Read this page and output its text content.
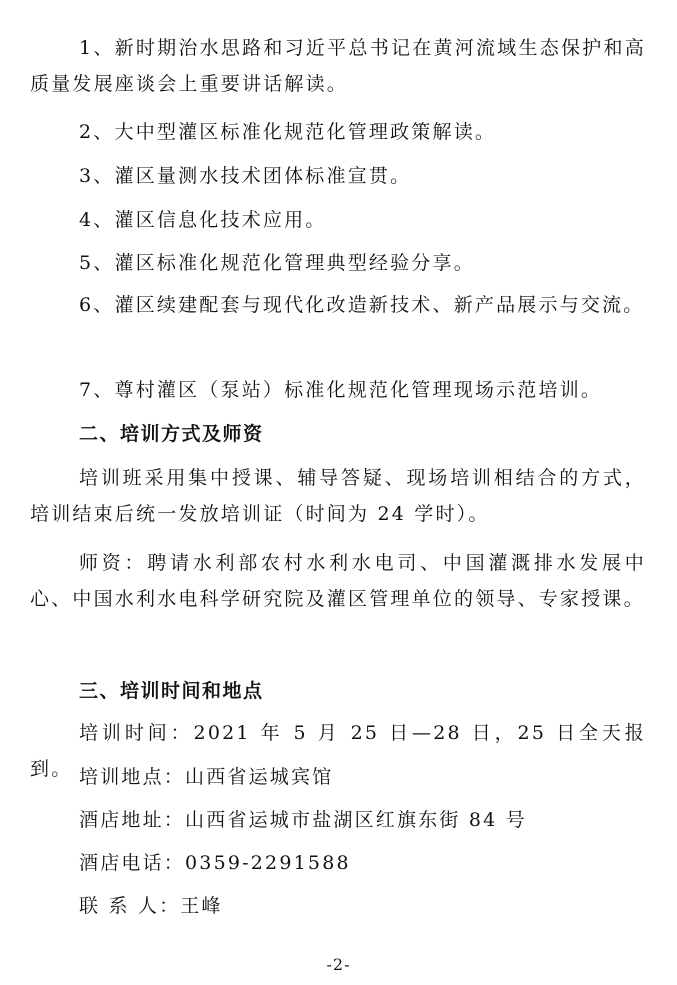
1、新时期治水思路和习近平总书记在黄河流域生态保护和高质量发展座谈会上重要讲话解读。

2、大中型灌区标准化规范化管理政策解读。

3、灌区量测水技术团体标准宣贯。

4、灌区信息化技术应用。

5、灌区标准化规范化管理典型经验分享。

6、灌区续建配套与现代化改造新技术、新产品展示与交流。

7、尊村灌区（泵站）标准化规范化管理现场示范培训。

二、培训方式及师资

培训班采用集中授课、辅导答疑、现场培训相结合的方式，培训结束后统一发放培训证（时间为 24 学时）。

师资：聘请水利部农村水利水电司、中国灌溉排水发展中心、中国水利水电科学研究院及灌区管理单位的领导、专家授课。

三、培训时间和地点

培训时间：2021 年 5 月 25 日—28 日，25 日全天报到。 培训地点：山西省运城宾馆

酒店地址：山西省运城市盐湖区红旗东街 84 号

酒店电话：0359-2291588

联 系 人：王峰

-2-
